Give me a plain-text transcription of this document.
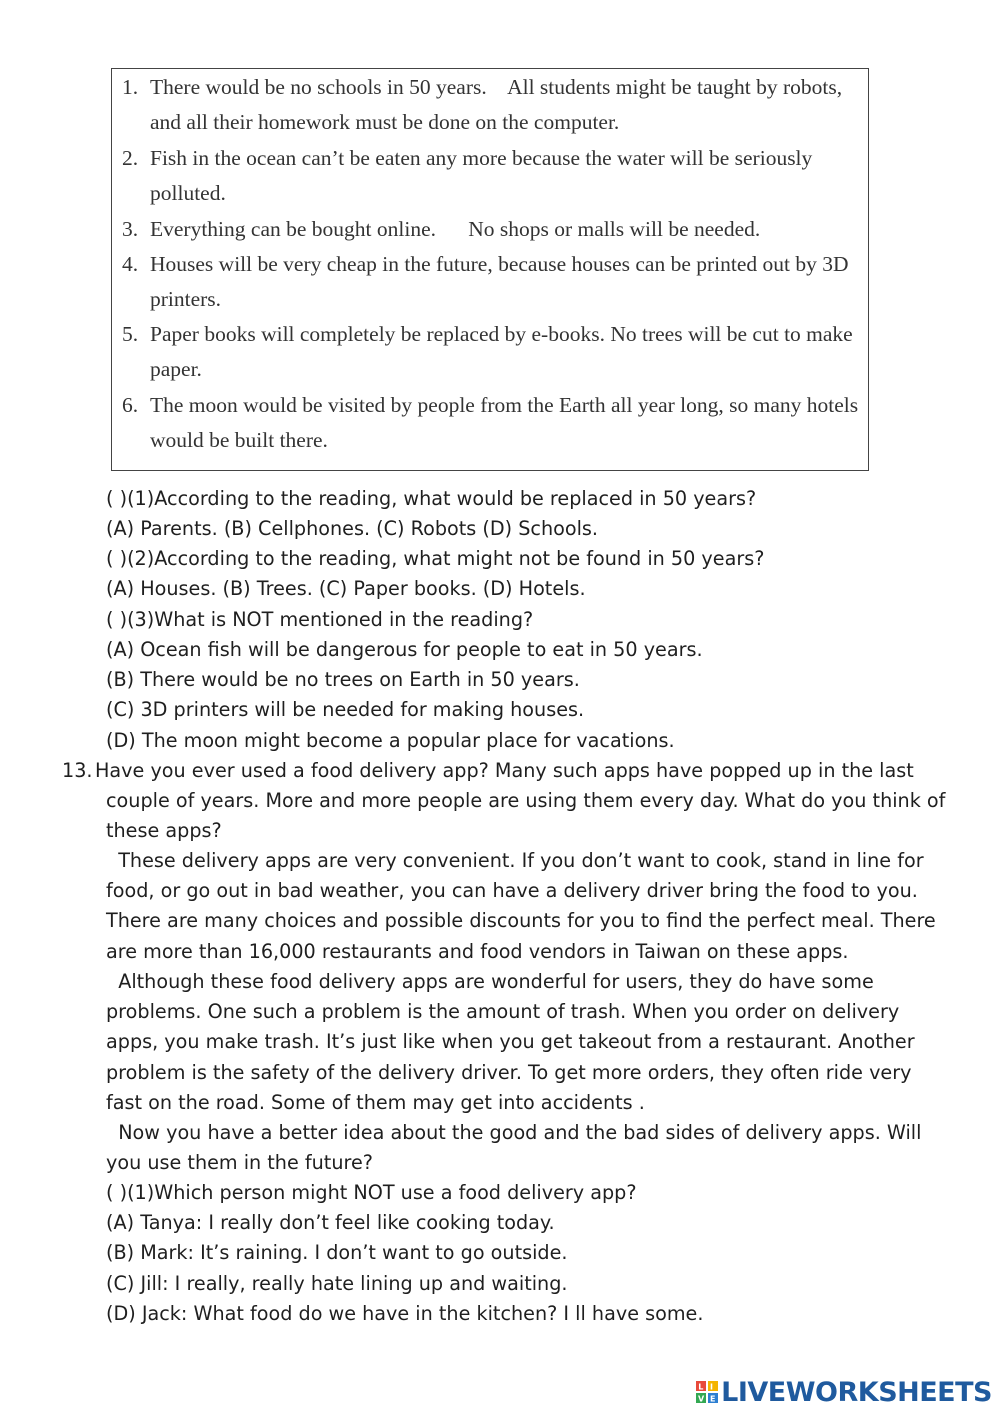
1. There would be no schools in 50 years.    All students might be taught by robots, and all their homework must be done on the computer.
2. Fish in the ocean can’t be eaten any more because the water will be seriously polluted.
3. Everything can be bought online.      No shops or malls will be needed.
4. Houses will be very cheap in the future, because houses can be printed out by 3D printers.
5. Paper books will completely be replaced by e-books. No trees will be cut to make paper.
6. The moon would be visited by people from the Earth all year long, so many hotels would be built there.
( )(1)According to the reading, what would be replaced in 50 years?
(A) Parents. (B) Cellphones. (C) Robots (D) Schools.
( )(2)According to the reading, what might not be found in 50 years?
(A) Houses. (B) Trees. (C) Paper books. (D) Hotels.
( )(3)What is NOT mentioned in the reading?
(A) Ocean fish will be dangerous for people to eat in 50 years.
(B) There would be no trees on Earth in 50 years.
(C) 3D printers will be needed for making houses.
(D) The moon might become a popular place for vacations.
13. Have you ever used a food delivery app? Many such apps have popped up in the last couple of years. More and more people are using them every day. What do you think of these apps?
These delivery apps are very convenient. If you don’t want to cook, stand in line for food, or go out in bad weather, you can have a delivery driver bring the food to you. There are many choices and possible discounts for you to find the perfect meal. There are more than 16,000 restaurants and food vendors in Taiwan on these apps.
Although these food delivery apps are wonderful for users, they do have some problems. One such a problem is the amount of trash. When you order on delivery apps, you make trash. It’s just like when you get takeout from a restaurant. Another problem is the safety of the delivery driver. To get more orders, they often ride very fast on the road. Some of them may get into accidents .
Now you have a better idea about the good and the bad sides of delivery apps. Will you use them in the future?
( )(1)Which person might NOT use a food delivery app?
(A) Tanya: I really don’t feel like cooking today.
(B) Mark: It’s raining. I don’t want to go outside.
(C) Jill: I really, really hate lining up and waiting.
(D) Jack: What food do we have in the kitchen? I ll have some.
L I
V E LIVEWORKSHEETS
